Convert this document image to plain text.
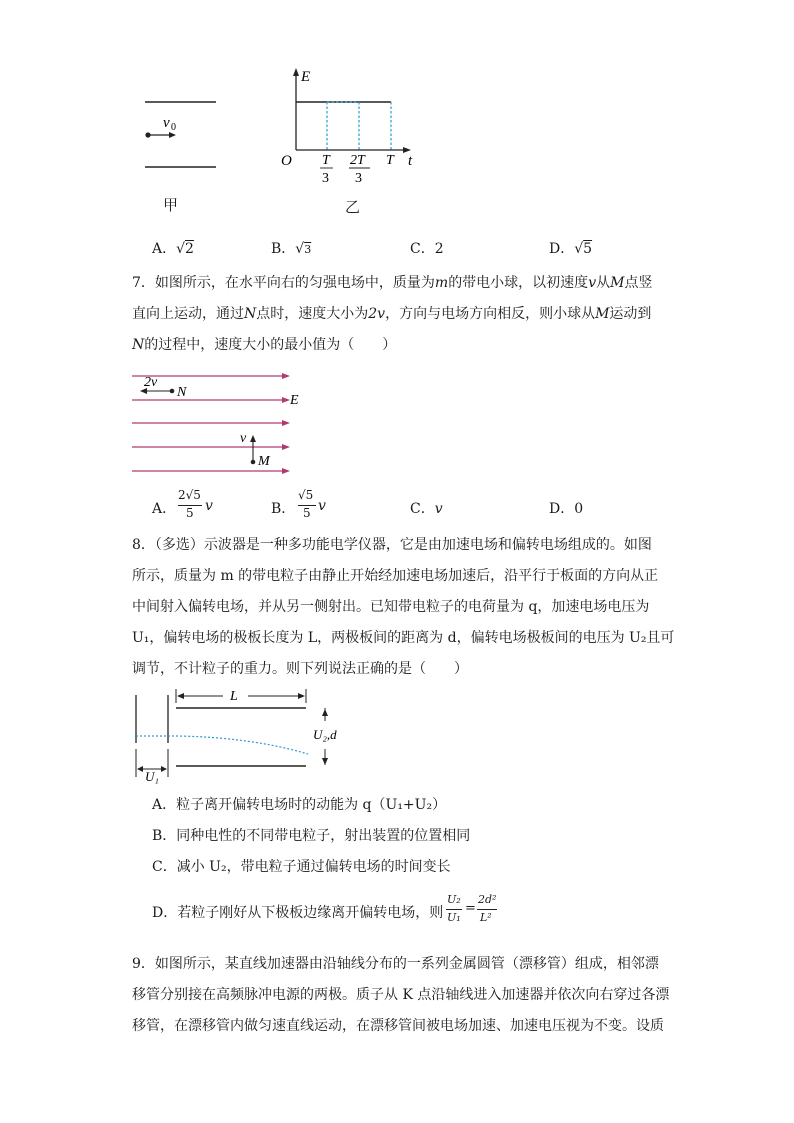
v 0
甲
E
t
O T
3
2T
3
T
乙
A．√2	B．√3	C．2	D．√5
7．如图所示，在水平向右的匀强电场中，质量为m的带电小球，以初速度v从M点竖
直向上运动，通过N点时，速度大小为2v，方向与电场方向相反，则小球从M运动到
N的过程中，速度大小的最小值为（　　）
2v
N
E
v
M
A．
2√5
5 v	B．
√5
5 v	C．v	D．0
8．（多选）示波器是一种多功能电学仪器，它是由加速电场和偏转电场组成的。如图
所示，质量为 m 的带电粒子由静止开始经加速电场加速后，沿平行于板面的方向从正
中间射入偏转电场，并从另一侧射出。已知带电粒子的电荷量为 q，加速电场电压为
U₁，偏转电场的极板长度为 L，两极板间的距离为 d，偏转电场极板间的电压为 U₂且可
调节，不计粒子的重力。则下列说法正确的是（　　）
L
U₂,d
U₁
A．粒子离开偏转电场时的动能为 q（U₁+U₂）
B．同种电性的不同带电粒子，射出装置的位置相同
C．减小 U₂，带电粒子通过偏转电场的时间变长
D．若粒子刚好从下极板边缘离开偏转电场，则
U₂
U₁
=
2d²
L²
9．如图所示，某直线加速器由沿轴线分布的一系列金属圆管（漂移管）组成，相邻漂
移管分别接在高频脉冲电源的两极。质子从 K 点沿轴线进入加速器并依次向右穿过各漂
移管，在漂移管内做匀速直线运动，在漂移管间被电场加速、加速电压视为不变。设质
